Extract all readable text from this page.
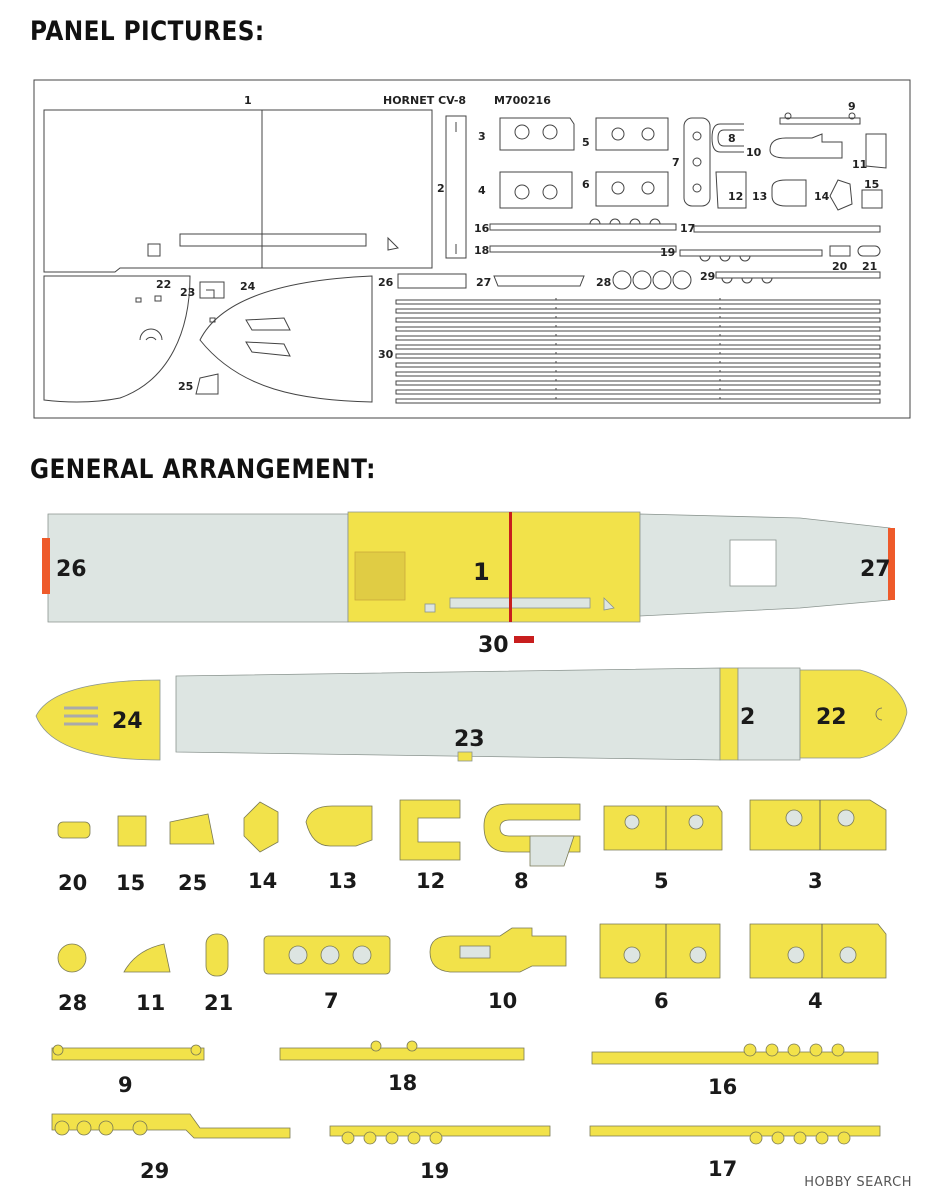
PANEL PICTURES:
GENERAL ARRANGEMENT:
1
2
3
4
5
6
7
8
9
10
11
12 13	14
15
16	17
18	19
20 21
22
23	24
25
26	27	28	29
30
HORNET CV-8	M700216
26	1	27
30
24	2	22
23
20 15 25 14 13	12	8	5	3
28 11 21	7	10	6	4
9	18	16
29	19	17
HOBBY SEARCH
